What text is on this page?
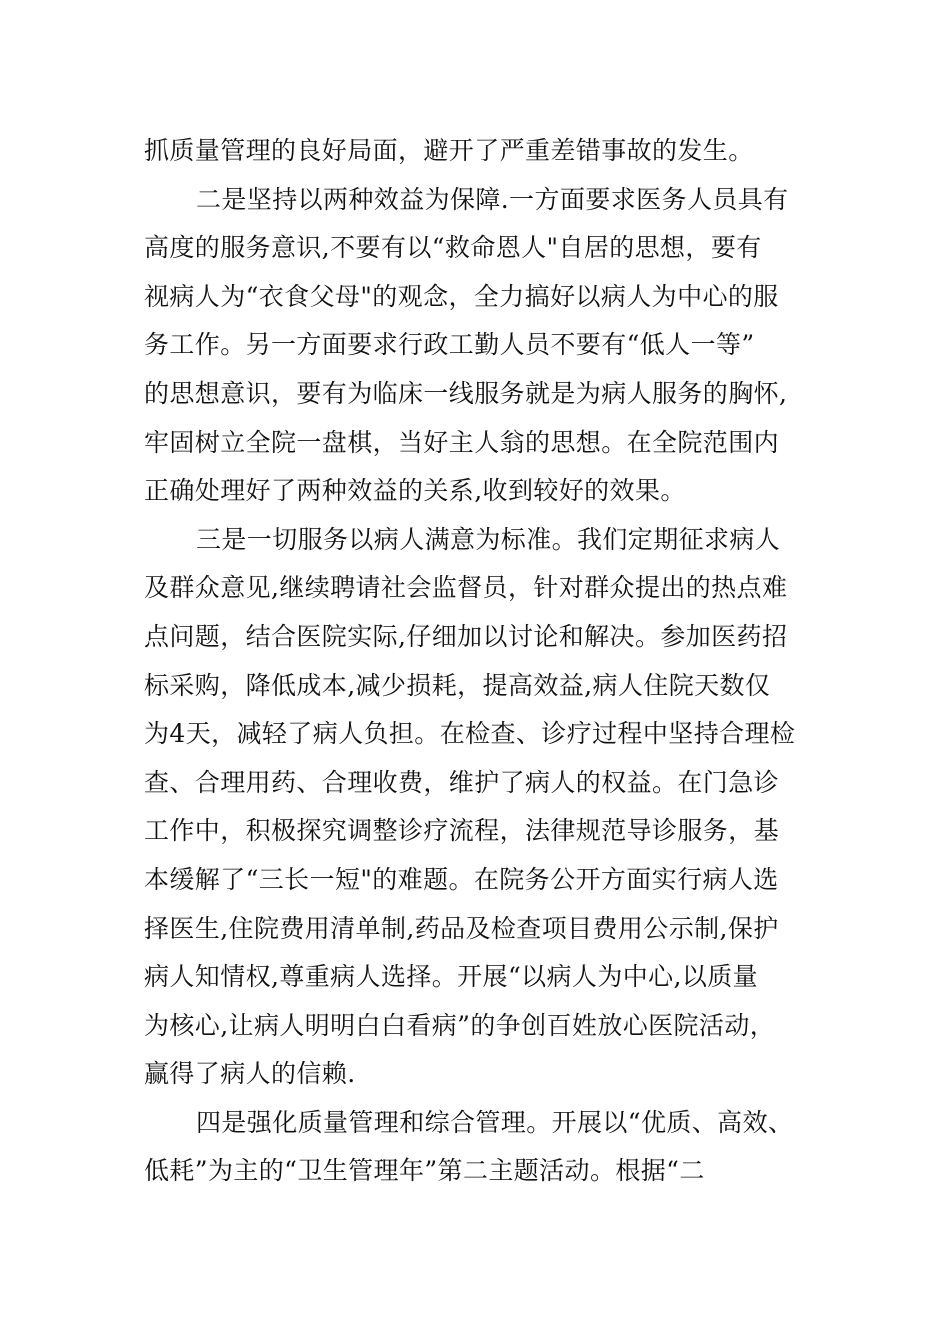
抓质量管理的良好局面，避开了严重差错事故的发生。
二是坚持以两种效益为保障.一方面要求医务人员具有
高度的服务意识,不要有以“救命恩人"自居的思想，要有
视病人为“衣食父母"的观念，全力搞好以病人为中心的服
务工作。另一方面要求行政工勤人员不要有“低人一等”
的思想意识，要有为临床一线服务就是为病人服务的胸怀,
牢固树立全院一盘棋，当好主人翁的思想。在全院范围内
正确处理好了两种效益的关系,收到较好的效果。
三是一切服务以病人满意为标准。我们定期征求病人
及群众意见,继续聘请社会监督员，针对群众提出的热点难
点问题，结合医院实际,仔细加以讨论和解决。参加医药招
标采购，降低成本,减少损耗，提高效益,病人住院天数仅
为4天，减轻了病人负担。在检查、诊疗过程中坚持合理检
查、合理用药、合理收费，维护了病人的权益。在门急诊
工作中，积极探究调整诊疗流程，法律规范导诊服务，基
本缓解了“三长一短"的难题。在院务公开方面实行病人选
择医生,住院费用清单制,药品及检查项目费用公示制,保护
病人知情权,尊重病人选择。开展“以病人为中心,以质量
为核心,让病人明明白白看病”的争创百姓放心医院活动，
赢得了病人的信赖.
四是强化质量管理和综合管理。开展以“优质、高效、
低耗”为主的“卫生管理年”第二主题活动。根据“二
